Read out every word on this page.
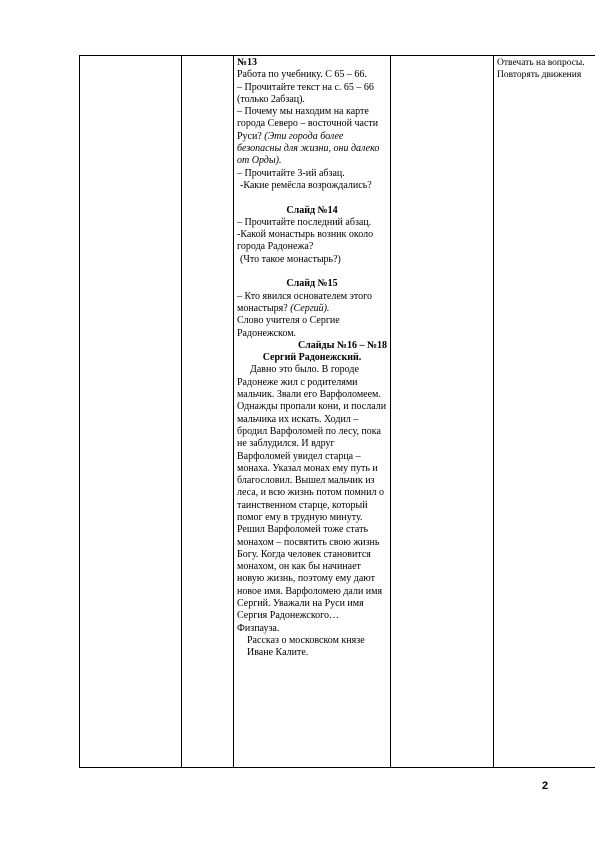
№13

Работа по учебнику. С 65 – 66.

– Прочитайте текст на с. 65 – 66 (только 2абзац).

– Почему мы находим на карте города Северо – восточной части Руси? (Эти города более безопасны для жизни, они далеко от Орды).

– Прочитайте 3-ий абзац.

-Какие ремёсла возрождались?

Слайд №14

– Прочитайте последний абзац.

-Какой монастырь возник около города Радонежа?

(Что такое монастырь?)

Слайд №15

– Кто явился основателем этого монастыря? (Сергий).

Слово учителя о Сергие Радонежском.

Слайды №16 – №18

Сергий Радонежский.

Давно это было. В городе Радонеже жил с родителями мальчик. Звали его Варфоломеем. Однажды пропали кони, и послали мальчика их искать. Ходил – бродил Варфоломей по лесу, пока не заблудился. И вдруг Варфоломей увидел старца – монаха. Указал монах ему путь и благословил. Вышел мальчик из леса, и всю жизнь потом помнил о таинственном старце, который помог ему в трудную минуту. Решил Варфоломей тоже стать монахом – посвятить свою жизнь Богу. Когда человек становится монахом, он как бы начинает новую жизнь, поэтому ему дают новое имя. Варфоломею дали имя Сергий. Уважали на Руси имя Сергия Радонежского…

Физпауза.

Рассказ о московском князе Иване Калите.

Отвечать на вопросы. Повторять движения

2
